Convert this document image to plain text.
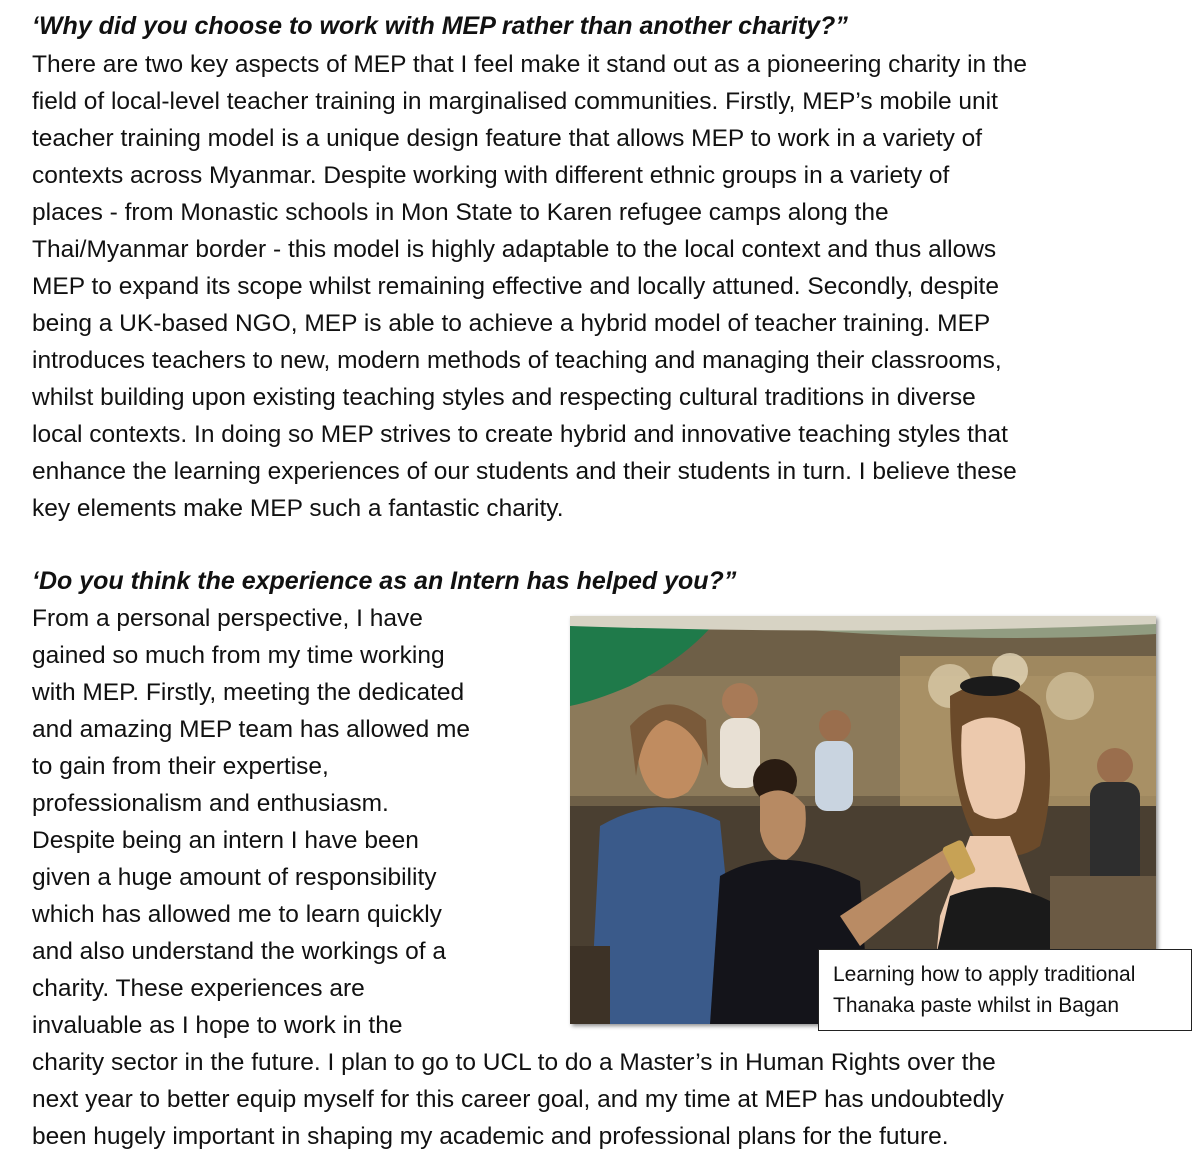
‘Why did you choose to work with MEP rather than another charity?”
There are two key aspects of MEP that I feel make it stand out as a pioneering charity in the
field of local-level teacher training in marginalised communities. Firstly, MEP’s mobile unit
teacher training model is a unique design feature that allows MEP to work in a variety of
contexts across Myanmar. Despite working with different ethnic groups in a variety of
places - from Monastic schools in Mon State to Karen refugee camps along the
Thai/Myanmar border - this model is highly adaptable to the local context and thus allows
MEP to expand its scope whilst remaining effective and locally attuned. Secondly, despite
being a UK-based NGO, MEP is able to achieve a hybrid model of teacher training. MEP
introduces teachers to new, modern methods of teaching and managing their classrooms,
whilst building upon existing teaching styles and respecting cultural traditions in diverse
local contexts. In doing so MEP strives to create hybrid and innovative teaching styles that
enhance the learning experiences of our students and their students in turn. I believe these
key elements make MEP such a fantastic charity.
‘Do you think the experience as an Intern has helped you?”
From a personal perspective, I have
gained so much from my time working
with MEP. Firstly, meeting the dedicated
and amazing MEP team has allowed me
to gain from their expertise,
professionalism and enthusiasm.
Despite being an intern I have been
given a huge amount of responsibility
which has allowed me to learn quickly
and also understand the workings of a
charity. These experiences are
invaluable as I hope to work in the
charity sector in the future. I plan to go to UCL to do a Master’s in Human Rights over the
next year to better equip myself for this career goal, and my time at MEP has undoubtedly
been hugely important in shaping my academic and professional plans for the future.
Learning how to apply traditional
Thanaka paste whilst in Bagan
